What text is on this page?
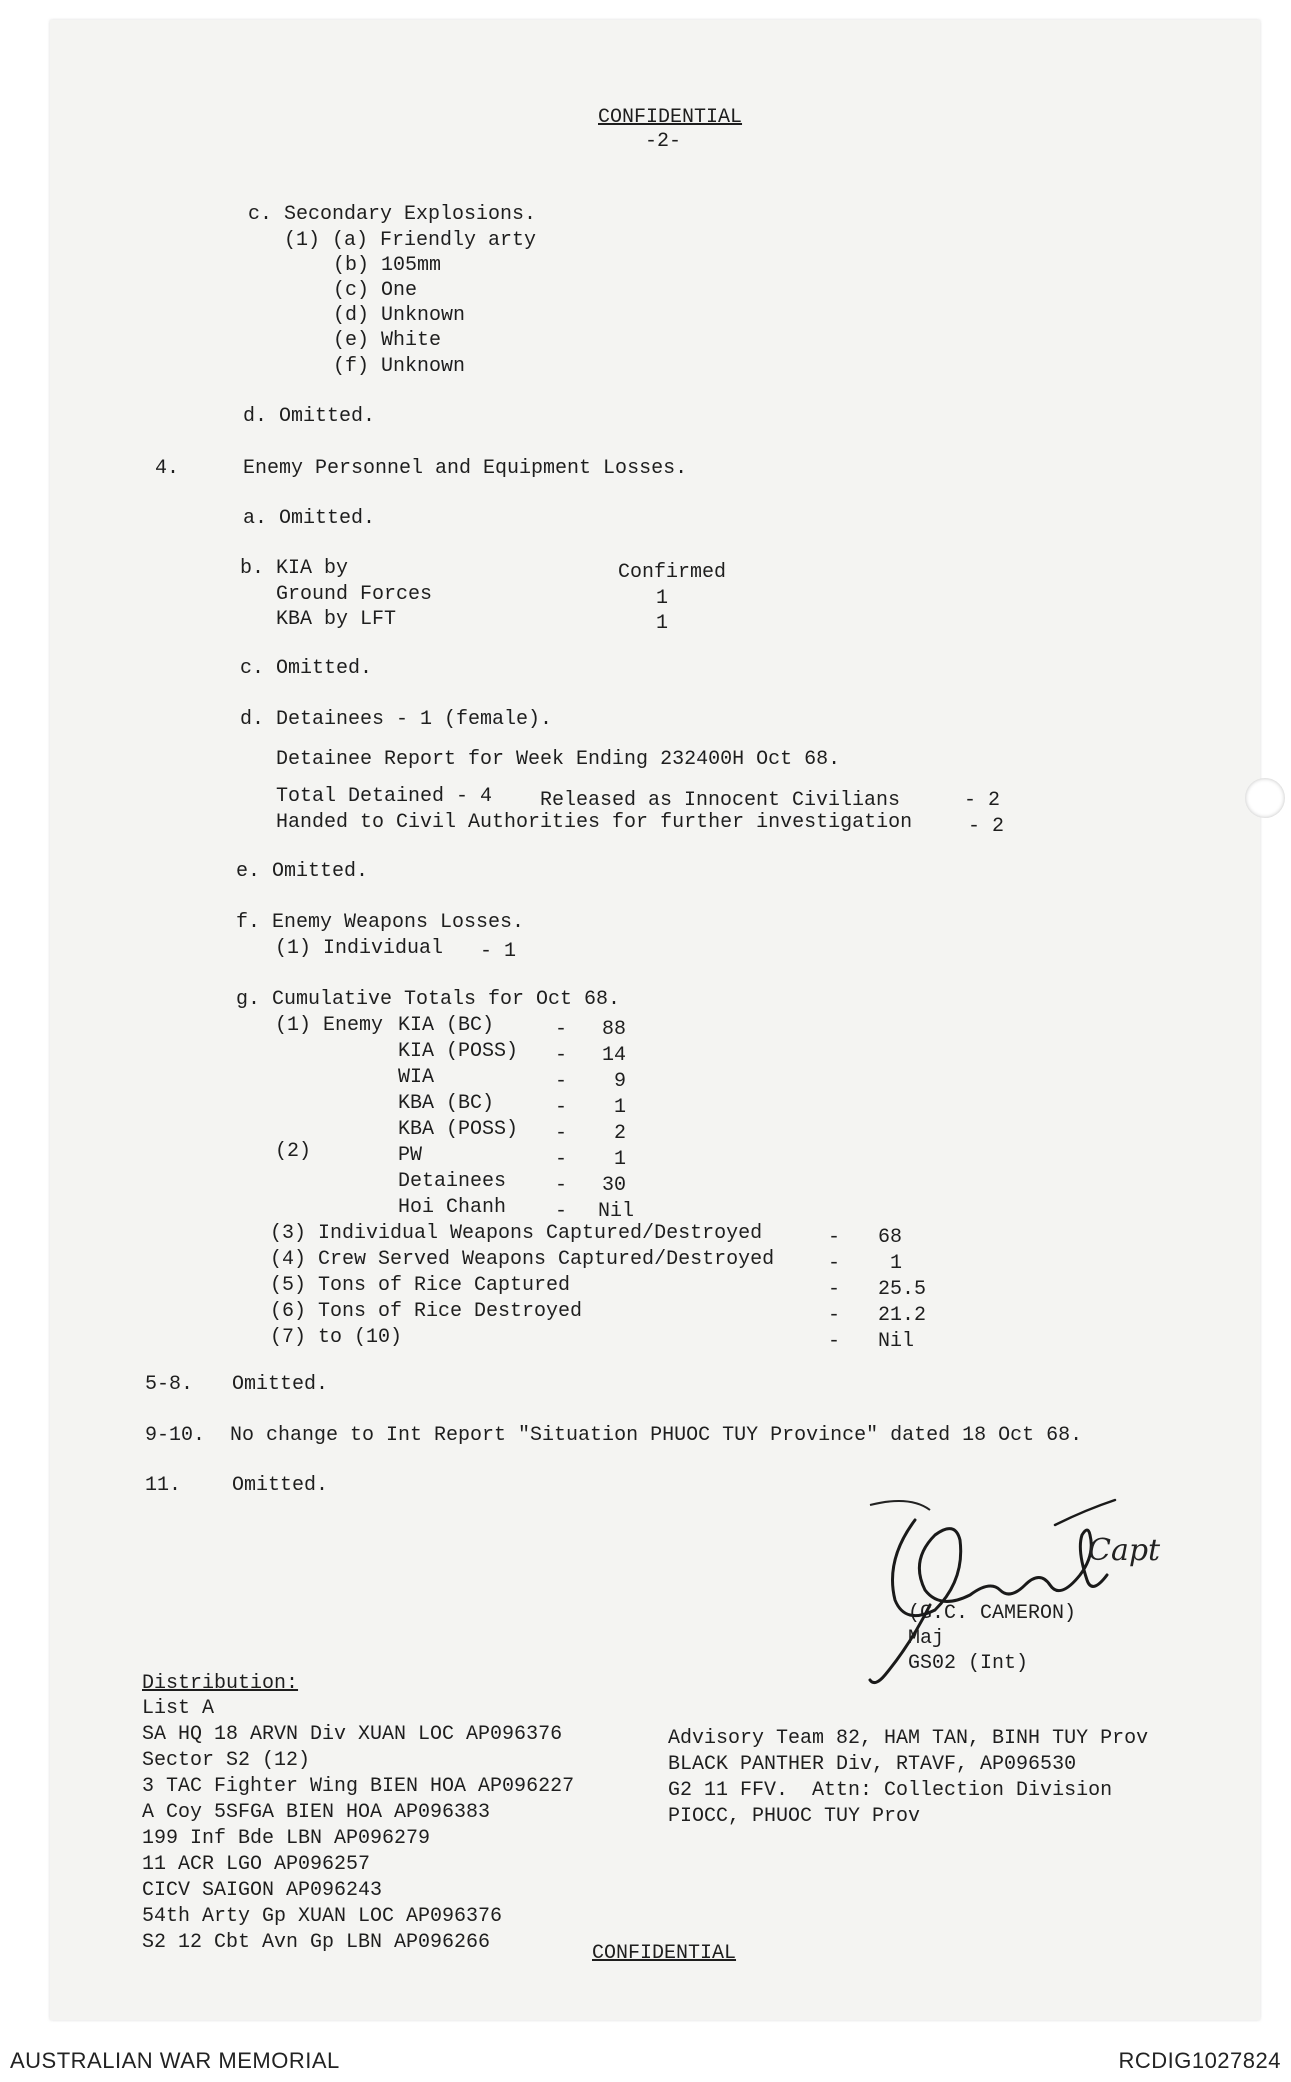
CONFIDENTIAL
-2-
c. Secondary Explosions.
(1) (a) Friendly arty
(b) 105mm
(c) One
(d) Unknown
(e) White
(f) Unknown
d. Omitted.
4.	Enemy Personnel and Equipment Losses.
a. Omitted.
b. KIA by	Confirmed
Ground Forces	1
KBA by LFT	1
c. Omitted.
d. Detainees - 1 (female).
Detainee Report for Week Ending 232400H Oct 68.
Total Detained - 4 Released as Innocent Civilians	- 2
Handed to Civil Authorities for further investigation	- 2
e. Omitted.
f. Enemy Weapons Losses.
(1) Individual - 1
g. Cumulative Totals for Oct 68.
(1) Enemy KIA (BC)	- 88
KIA (POSS) - 14
WIA	- 9
KBA (BC)	- 1
KBA (POSS) - 2
(2)	PW	- 1
Detainees - 30
Hoi Chanh - Nil
(3) Individual Weapons Captured/Destroyed	- 68
(4) Crew Served Weapons Captured/Destroyed	- 1
(5) Tons of Rice Captured	- 25.5
(6) Tons of Rice Destroyed	- 21.2
(7) to (10)	- Nil
5-8. Omitted.
9-10. No change to Int Report "Situation PHUOC TUY Province" dated 18 Oct 68.
11.	Omitted.
Capt
(G.C. CAMERON)
Maj
GS02 (Int)
Distribution:
List A
SA HQ 18 ARVN Div XUAN LOC AP096376
Sector S2 (12)
3 TAC Fighter Wing BIEN HOA AP096227
A Coy 5SFGA BIEN HOA AP096383
199 Inf Bde LBN AP096279
11 ACR LGO AP096257
CICV SAIGON AP096243
54th Arty Gp XUAN LOC AP096376
S2 12 Cbt Avn Gp LBN AP096266
Advisory Team 82, HAM TAN, BINH TUY Prov
BLACK PANTHER Div, RTAVF, AP096530
G2 11 FFV.  Attn: Collection Division
PIOCC, PHUOC TUY Prov
CONFIDENTIAL
AUSTRALIAN WAR MEMORIAL	RCDIG1027824
